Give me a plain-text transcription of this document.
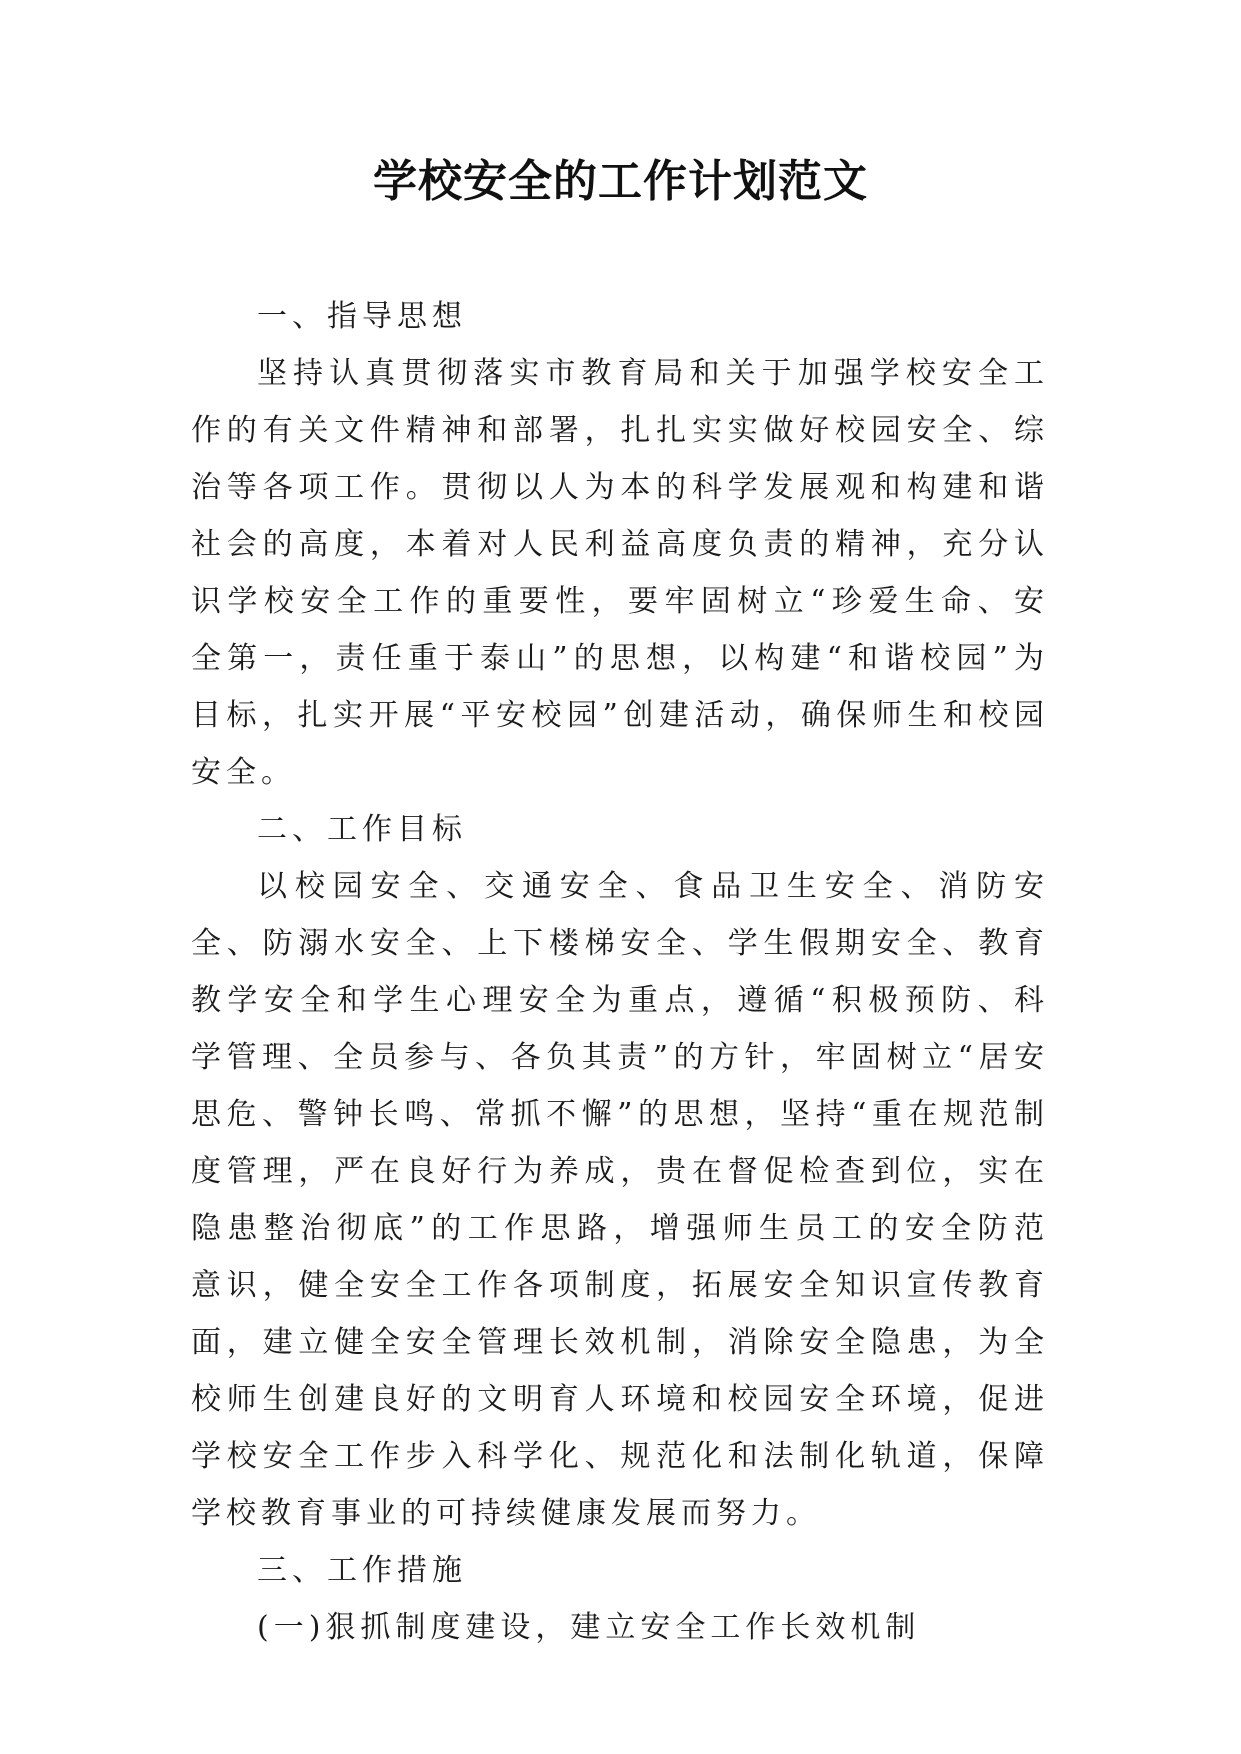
学校安全的工作计划范文

一、指导思想

坚持认真贯彻落实市教育局和关于加强学校安全工作的有关文件精神和部署，扎扎实实做好校园安全、综治等各项工作。贯彻以人为本的科学发展观和构建和谐社会的高度，本着对人民利益高度负责的精神，充分认识学校安全工作的重要性，要牢固树立“珍爱生命、安全第一，责任重于泰山”的思想，以构建“和谐校园”为目标，扎实开展“平安校园”创建活动，确保师生和校园安全。

二、工作目标

以校园安全、交通安全、食品卫生安全、消防安全、防溺水安全、上下楼梯安全、学生假期安全、教育教学安全和学生心理安全为重点，遵循“积极预防、科学管理、全员参与、各负其责”的方针，牢固树立“居安思危、警钟长鸣、常抓不懈”的思想，坚持“重在规范制度管理，严在良好行为养成，贵在督促检查到位，实在隐患整治彻底”的工作思路，增强师生员工的安全防范意识，健全安全工作各项制度，拓展安全知识宣传教育面，建立健全安全管理长效机制，消除安全隐患，为全校师生创建良好的文明育人环境和校园安全环境，促进学校安全工作步入科学化、规范化和法制化轨道，保障学校教育事业的可持续健康发展而努力。

三、工作措施

(一)狠抓制度建设，建立安全工作长效机制
